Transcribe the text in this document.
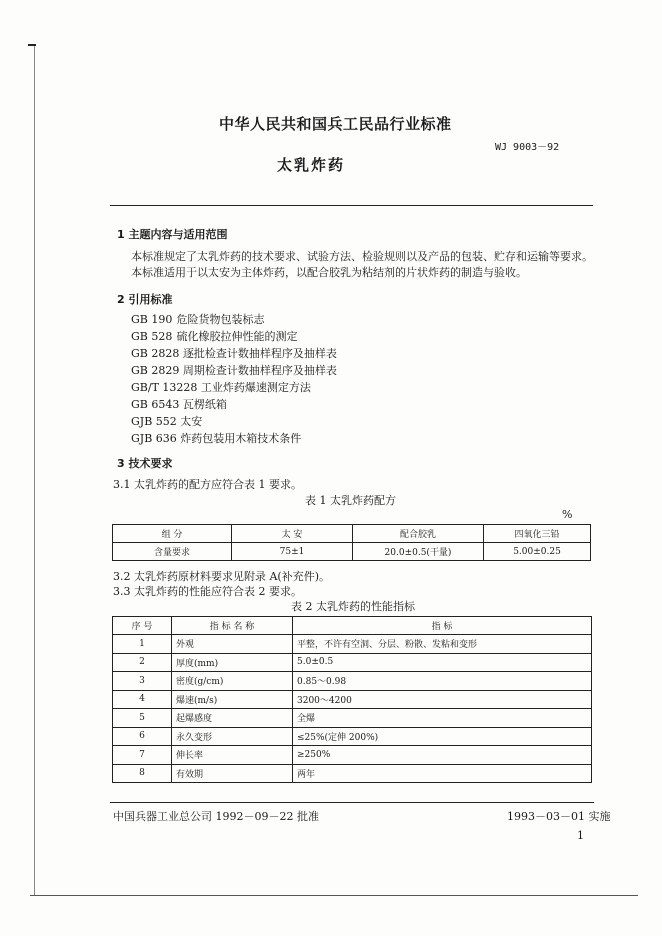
中华人民共和国兵工民品行业标准
WJ 9003－92
太乳炸药
1 主题内容与适用范围
本标准规定了太乳炸药的技术要求、试验方法、检验规则以及产品的包装、贮存和运输等要求。
本标准适用于以太安为主体炸药，以配合胶乳为粘结剂的片状炸药的制造与验收。
2 引用标准
GB 190 危险货物包装标志
GB 528 硫化橡胶拉伸性能的测定
GB 2828 逐批检查计数抽样程序及抽样表
GB 2829 周期检查计数抽样程序及抽样表
GB/T 13228 工业炸药爆速测定方法
GB 6543 瓦楞纸箱
GJB 552 太安
GJB 636 炸药包装用木箱技术条件
3 技术要求
3.1 太乳炸药的配方应符合表 1 要求。
表 1 太乳炸药配方
%
组 分	太 安	配合胶乳	四氧化三铅
含量要求	75±1	20.0±0.5(干量)	5.00±0.25
3.2 太乳炸药原材料要求见附录 A(补充件)。
3.3 太乳炸药的性能应符合表 2 要求。
表 2 太乳炸药的性能指标
序 号	指 标 名 称	指 标
1	外观	平整，不许有空洞、分层、粉散、发粘和变形
2	厚度(mm)	5.0±0.5
3	密度(g/cm)	0.85～0.98
4	爆速(m/s)	3200～4200
5	起爆感度	全爆
6	永久变形	≤25%(定伸 200%)
7	伸长率	≥250%
8	有效期	两年
中国兵器工业总公司 1992－09－22 批准	1993－03－01 实施
1
